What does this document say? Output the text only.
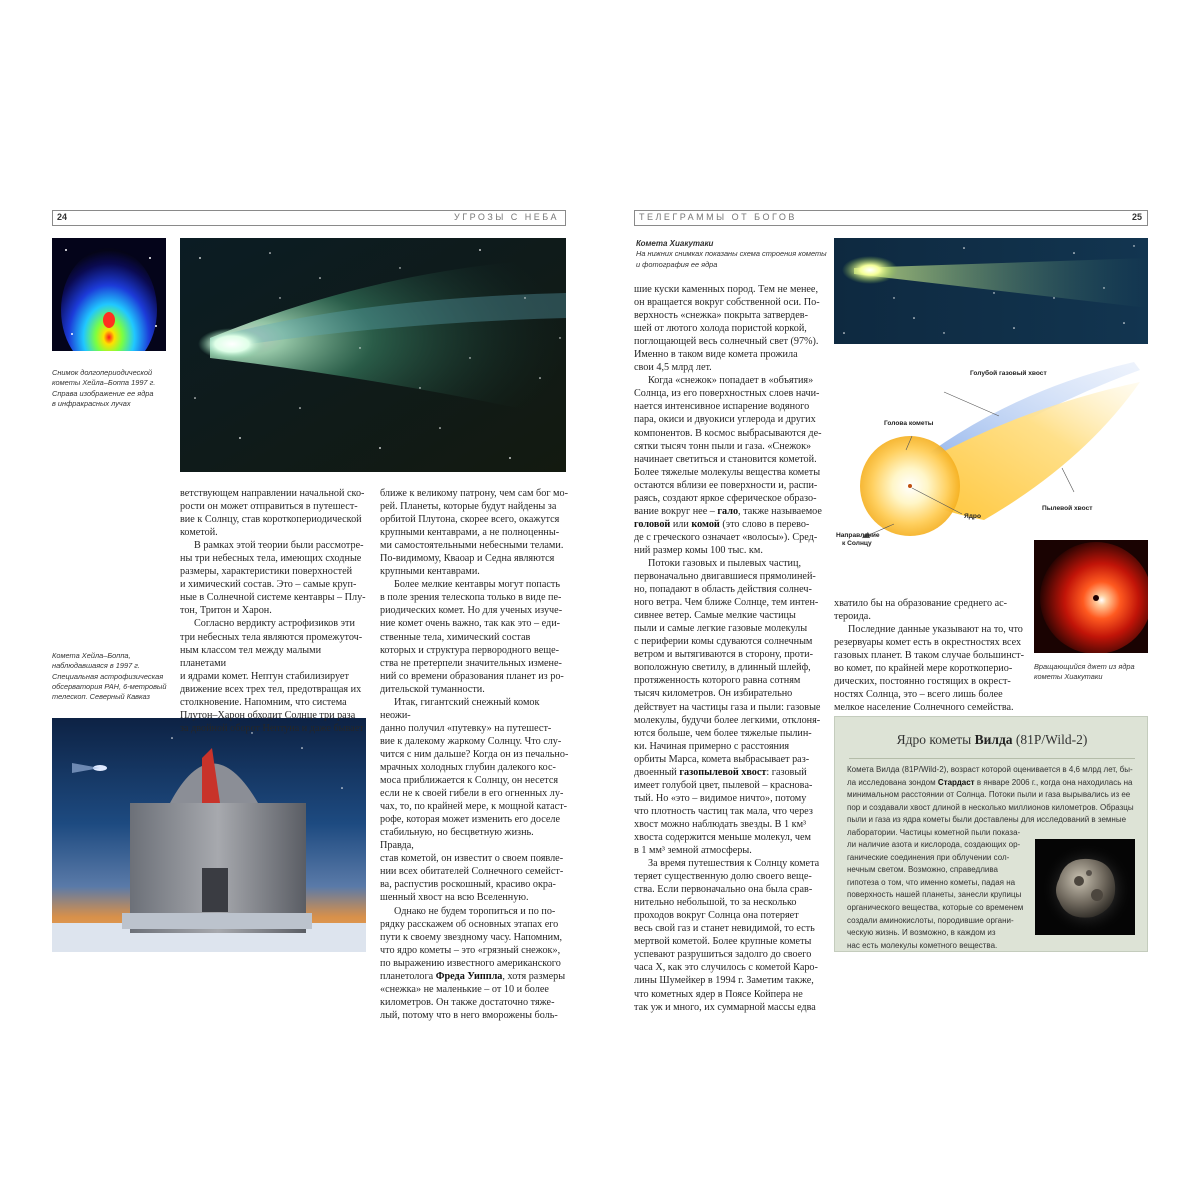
24	УГРОЗЫ С НЕБА
Снимок долгопериодической
кометы Хейла–Боппа 1997 г.
Справа изображение ее ядра
в инфракрасных лучах
Комета Хейла–Боппа,
наблюдавшаяся в 1997 г.
Специальная астрофизическая
обсерватория РАН, 6-метровый
телескоп. Северный Кавказ

ветствующем направлении начальной ско-

рости он может отправиться в путешест-

вие к Солнцу, став короткопериодической

кометой.

В рамках этой теории были рассмотре-

ны три небесных тела, имеющих сходные

размеры, характеристики поверхностей

и химический состав. Это – самые круп-

ные в Солнечной системе кентавры – Плу-

тон, Тритон и Харон.

Согласно вердикту астрофизиков эти

три небесных тела являются промежуточ-

ным классом тел между малыми планетами

и ядрами комет. Нептун стабилизирует

движение всех трех тел, предотвращая их

столкновение. Напомним, что система

Плутон–Харон обходит Солнце три раза

за двойной оборот Нептуна и даже бывает

ближе к великому патрону, чем сам бог мо-

рей. Планеты, которые будут найдены за

орбитой Плутона, скорее всего, окажутся

крупными кентаврами, а не полноценны-

ми самостоятельными небесными телами.

По-видимому, Кваоар и Седна являются

крупными кентаврами.

Более мелкие кентавры могут попасть

в поле зрения телескопа только в виде пе-

риодических комет. Но для ученых изуче-

ние комет очень важно, так как это – еди-

ственные тела, химический состав

которых и структура первородного веще-

ства не претерпели значительных измене-

ний со времени образования планет из ро-

дительской туманности.

Итак, гигантский снежный комок неожи-

данно получил «путевку» на путешест-

вие к далекому жаркому Солнцу. Что слу-

чится с ним дальше? Когда он из печально-

мрачных холодных глубин далекого кос-

моса приближается к Солнцу, он несется

если не к своей гибели в его огненных лу-

чах, то, по крайней мере, к мощной катаст-

рофе, которая может изменить его доселе

стабильную, но бесцветную жизнь. Правда,

став кометой, он известит о своем появле-

нии всех обитателей Солнечного семейст-

ва, распустив роскошный, красиво окра-

шенный хвост на всю Вселенную.

Однако не будем торопиться и по по-

рядку расскажем об основных этапах его

пути к своему звездному часу. Напомним,

что ядро кометы – это «грязный снежок»,

по выражению известного американского

планетолога Фреда Уиппла, хотя размеры

«снежка» не маленькие – от 10 и более

километров. Он также достаточно тяже-

лый, потому что в него вморожены боль-

ТЕЛЕГРАММЫ ОТ БОГОВ	25
Комета Хиакутаки
На нижних снимках показаны схема строения кометы
и фотография ее ядра
Голубой газовый хвост
Голова кометы
Ядро
Пылевой хвост
Направление
к Солнцу
Вращающийся джет из ядра
кометы Хиакутаки

шие куски каменных пород. Тем не менее,

он вращается вокруг собственной оси. По-

верхность «снежка» покрыта затвердев-

шей от лютого холода пористой коркой,

поглощающей весь солнечный свет (97%).

Именно в таком виде комета прожила

свои 4,5 млрд лет.

Когда «снежок» попадает в «объятия»

Солнца, из его поверхностных слоев начи-

нается интенсивное испарение водяного

пара, окиси и двуокиси углерода и других

компонентов. В космос выбрасываются де-

сятки тысяч тонн пыли и газа. «Снежок»

начинает светиться и становится кометой.

Более тяжелые молекулы вещества кометы

остаются вблизи ее поверхности и, распи-

раясь, создают яркое сферическое образо-

вание вокруг нее – гало, также называемое

головой или комой (это слово в перево-

де с греческого означает «волосы»). Сред-

ний размер комы 100 тыс. км.

Потоки газовых и пылевых частиц,

первоначально двигавшиеся прямолиней-

но, попадают в область действия солнеч-

ного ветра. Чем ближе Солнце, тем интен-

сивнее ветер. Самые мелкие частицы

пыли и самые легкие газовые молекулы

с периферии комы сдуваются солнечным

ветром и вытягиваются в сторону, проти-

воположную светилу, в длинный шлейф,

протяженность которого равна сотням

тысяч километров. Он избирательно

действует на частицы газа и пыли: газовые

молекулы, будучи более легкими, отклоня-

ются больше, чем более тяжелые пылин-

ки. Начиная примерно с расстояния

орбиты Марса, комета выбрасывает раз-

двоенный газопылевой хвост: газовый

имеет голубой цвет, пылевой – красновa-

тый. Но «это – видимое ничто», потому

что плотность частиц так мала, что через

хвост можно наблюдать звезды. В 1 км³

хвоста содержится меньше молекул, чем

в 1 мм³ земной атмосферы.

За время путешествия к Солнцу комета

теряет существенную долю своего веще-

ства. Если первоначально она была срав-

нительно небольшой, то за несколько

проходов вокруг Солнца она потеряет

весь свой газ и станет невидимой, то есть

мертвой кометой. Более крупные кометы

успевают разрушиться задолго до своего

часа X, как это случилось с кометой Каро-

лины Шумейкер в 1994 г. Заметим также,

что кометных ядер в Поясе Койпера не

так уж и много, их суммарной массы едва

хватило бы на образование среднего ас-

тероида.

Последние данные указывают на то, что

резервуары комет есть в окрестностях всех

газовых планет. В таком случае большинст-

во комет, по крайней мере короткоперио-

дических, постоянно гостящих в окрест-

ностях Солнца, это – всего лишь более

мелкое население Солнечного семейства.

Ядро кометы Вилда (81P/Wild-2)
Комета Вилда (81P/Wild-2), возраст которой оценивается в 4,6 млрд лет, бы-
ла исследована зондом Стардаст в январе 2006 г., когда она находилась на
минимальном расстоянии от Солнца. Потоки пыли и газа вырывались из ее
пор и создавали хвост длиной в несколько миллионов километров. Образцы
пыли и газа из ядра кометы были доставлены для исследований в земные
лаборатории. Частицы кометной пыли показа-
ли наличие азота и кислорода, создающих ор-
ганические соединения при облучении сол-
нечным светом. Возможно, справедлива
гипотеза о том, что именно кометы, падая на
поверхность нашей планеты, занесли крупицы
органического вещества, которые со временем
создали аминокислоты, породившие органи-
ческую жизнь. И возможно, в каждом из
нас есть молекулы кометного вещества.
